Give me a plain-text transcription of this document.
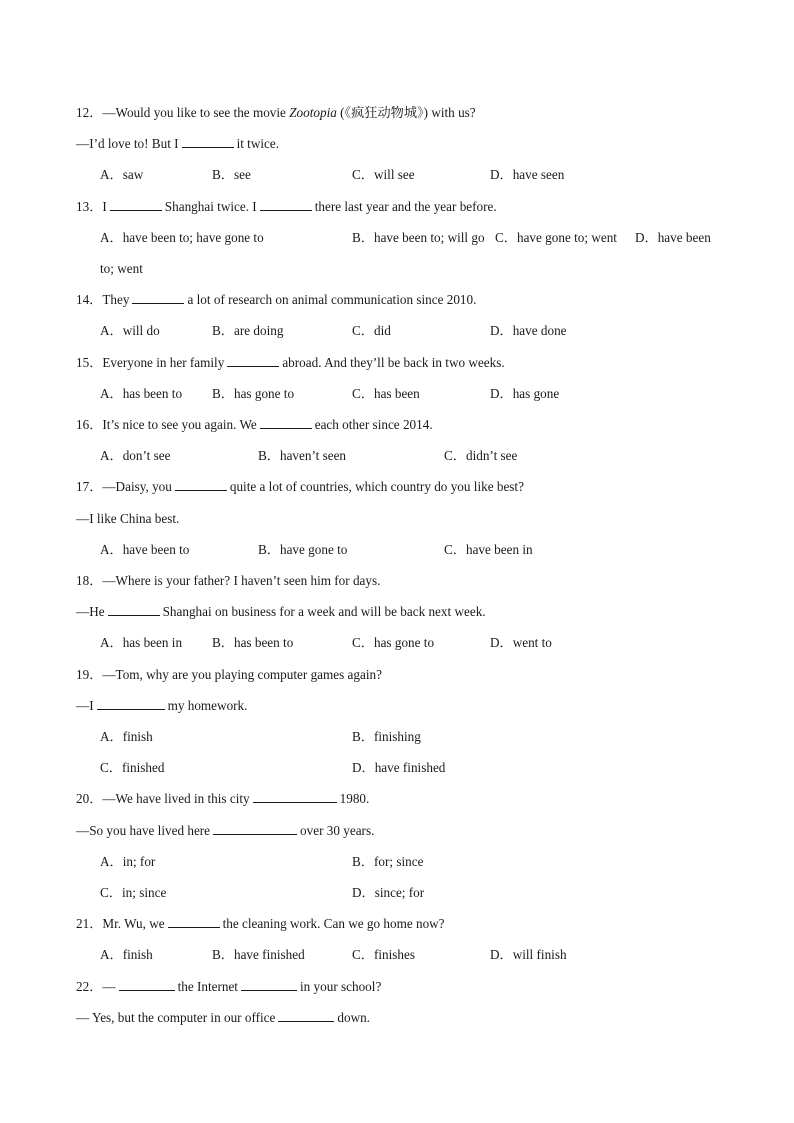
12．—Would you like to see the movie Zootopia (《疯狂动物城》) with us?
—I’d love to! But I	it twice.
A．saw	B．see	C．will see	D．have seen
13．I	Shanghai twice. I	there last year and the year before.
A．have been to; have gone to	B．have been to; will go C．have gone to; went D．have been
to; went
14．They	a lot of research on animal communication since 2010.
A．will do	B．are doing	C．did	D．have done
15．Everyone in her family	abroad. And they’ll be back in two weeks.
A．has been to B．has gone to	C．has been	D．has gone
16．It’s nice to see you again. We	each other since 2014.
A．don’t see	B．haven’t seen	C．didn’t see
17．—Daisy, you	quite a lot of countries, which country do you like best?
—I like China best.
A．have been to	B．have gone to	C．have been in
18．—Where is your father? I haven’t seen him for days.
—He	Shanghai on business for a week and will be back next week.
A．has been in B．has been to	C．has gone to	D．went to
19．—Tom, why are you playing computer games again?
—I	my homework.
A．finish	B．finishing
C．finished	D．have finished
20．—We have lived in this city	1980.
—So you have lived here	over 30 years.
A．in; for	B．for; since
C．in; since	D．since; for
21．Mr. Wu, we	the cleaning work. Can we go home now?
A．finish	B．have finished	C．finishes	D．will finish
22．—	the Internet	in your school?
— Yes, but the computer in our office	down.
